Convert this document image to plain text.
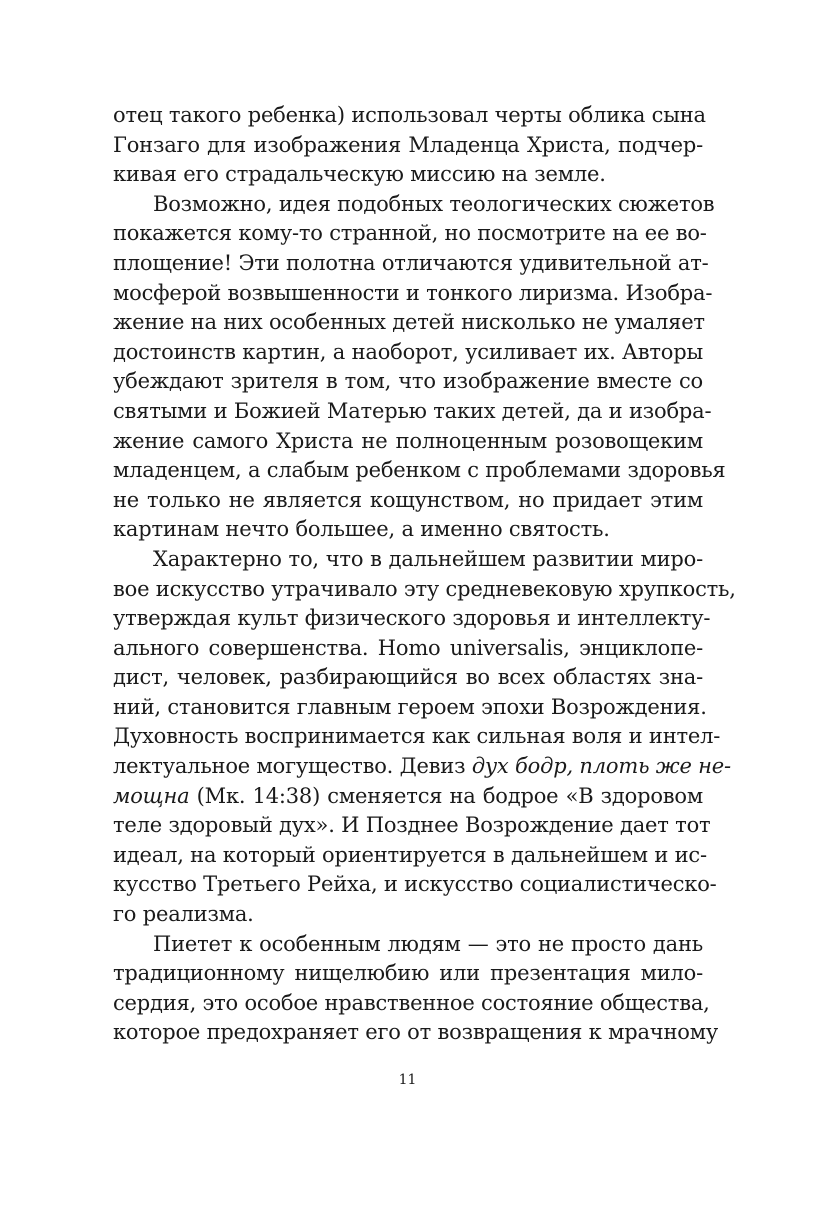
отец такого ребенка) использовал черты облика сына
Гонзаго для изображения Младенца Христа, подчер-
кивая его страдальческую миссию на земле.
Возможно, идея подобных теологических сюжетов
покажется кому-то странной, но посмотрите на ее во-
площение! Эти полотна отличаются удивительной ат-
мосферой возвышенности и тонкого лиризма. Изобра-
жение на них особенных детей нисколько не умаляет
достоинств картин, а наоборот, усиливает их. Авторы
убеждают зрителя в том, что изображение вместе со
святыми и Божией Матерью таких детей, да и изобра-
жение самого Христа не полноценным розовощеким
младенцем, а слабым ребенком с проблемами здоровья
не только не является кощунством, но придает этим
картинам нечто большее, а именно святость.
Характерно то, что в дальнейшем развитии миро-
вое искусство утрачивало эту средневековую хрупкость,
утверждая культ физического здоровья и интеллекту-
ального совершенства. Homo universalis, энциклопе-
дист, человек, разбирающийся во всех областях зна-
ний, становится главным героем эпохи Возрождения.
Духовность воспринимается как сильная воля и интел-
лектуальное могущество. Девиз дух бодр, плоть же не-
мощна (Мк. 14:38) сменяется на бодрое «В здоровом
теле здоровый дух». И Позднее Возрождение дает тот
идеал, на который ориентируется в дальнейшем и ис-
кусство Третьего Рейха, и искусство социалистическо-
го реализма.
Пиетет к особенным людям — это не просто дань
традиционному нищелюбию или презентация мило-
сердия, это особое нравственное состояние общества,
которое предохраняет его от возвращения к мрачному
11
